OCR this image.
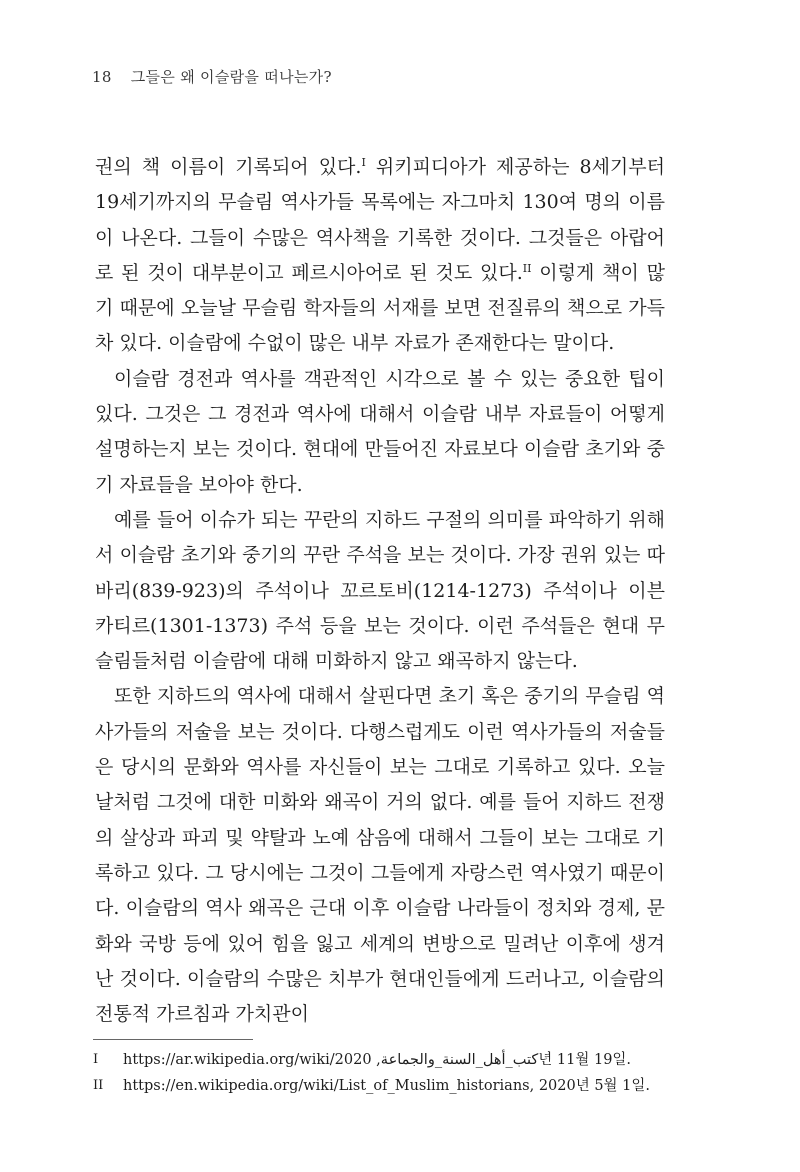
18 그들은 왜 이슬람을 떠나는가?

권의 책 이름이 기록되어 있다.$^I$ 위키피디아가 제공하는 8세기부터 19세기까지의 무슬림 역사가들 목록에는 자그마치 130여 명의 이름이 나온다. 그들이 수많은 역사책을 기록한 것이다. 그것들은 아랍어로 된 것이 대부분이고 페르시아어로 된 것도 있다.$^{II}$ 이렇게 책이 많기 때문에 오늘날 무슬림 학자들의 서재를 보면 전질류의 책으로 가득 차 있다. 이슬람에 수없이 많은 내부 자료가 존재한다는 말이다.

이슬람 경전과 역사를 객관적인 시각으로 볼 수 있는 중요한 팁이 있다. 그것은 그 경전과 역사에 대해서 이슬람 내부 자료들이 어떻게 설명하는지 보는 것이다. 현대에 만들어진 자료보다 이슬람 초기와 중기 자료들을 보아야 한다.

예를 들어 이슈가 되는 꾸란의 지하드 구절의 의미를 파악하기 위해서 이슬람 초기와 중기의 꾸란 주석을 보는 것이다. 가장 권위 있는 따바리(839-923)의 주석이나 꼬르토비(1214-1273) 주석이나 이븐 카티르(1301-1373) 주석 등을 보는 것이다. 이런 주석들은 현대 무슬림들처럼 이슬람에 대해 미화하지 않고 왜곡하지 않는다.

또한 지하드의 역사에 대해서 살핀다면 초기 혹은 중기의 무슬림 역사가들의 저술을 보는 것이다. 다행스럽게도 이런 역사가들의 저술들은 당시의 문화와 역사를 자신들이 보는 그대로 기록하고 있다. 오늘날처럼 그것에 대한 미화와 왜곡이 거의 없다. 예를 들어 지하드 전쟁의 살상과 파괴 및 약탈과 노예 삼음에 대해서 그들이 보는 그대로 기록하고 있다. 그 당시에는 그것이 그들에게 자랑스런 역사였기 때문이다. 이슬람의 역사 왜곡은 근대 이후 이슬람 나라들이 정치와 경제, 문화와 국방 등에 있어 힘을 잃고 세계의 변방으로 밀려난 이후에 생겨난 것이다. 이슬람의 수많은 치부가 현대인들에게 드러나고, 이슬람의 전통적 가르침과 가치관이

I	https://ar.wikipedia.org/wiki/كتب_أهل_السنة_والجماعة, 2020년 11월 19일.
II	https://en.wikipedia.org/wiki/List_of_Muslim_historians, 2020년 5월 1일.
